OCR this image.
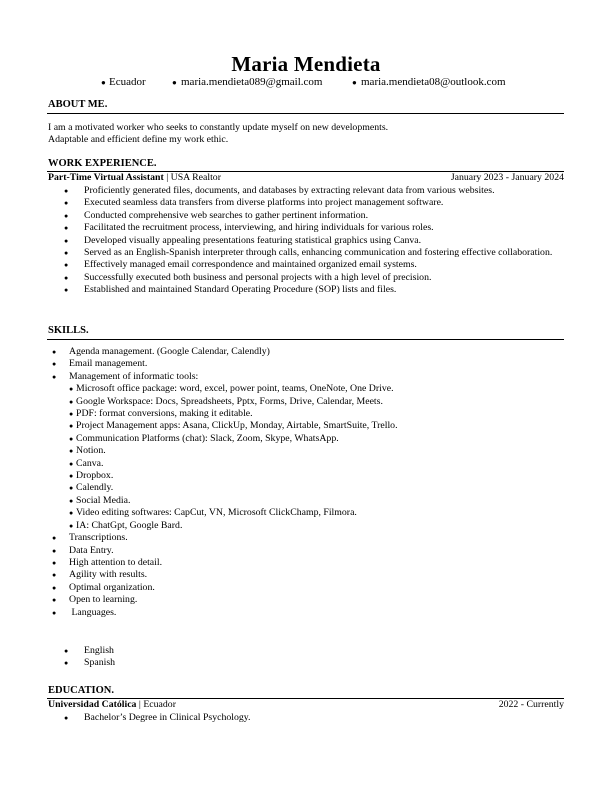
Maria Mendieta
● Ecuador	● maria.mendieta089@gmail.com	● maria.mendieta08@outlook.com
ABOUT ME.
I am a motivated worker who seeks to constantly update myself on new developments.
Adaptable and efficient define my work ethic.
WORK EXPERIENCE.
Part-Time Virtual Assistant | USA Realtor	January 2023 - January 2024
● Proficiently generated files, documents, and databases by extracting relevant data from various websites.
● Executed seamless data transfers from diverse platforms into project management software.
● Conducted comprehensive web searches to gather pertinent information.
● Facilitated the recruitment process, interviewing, and hiring individuals for various roles.
● Developed visually appealing presentations featuring statistical graphics using Canva.
● Served as an English-Spanish interpreter through calls, enhancing communication and fostering effective collaboration.
● Effectively managed email correspondence and maintained organized email systems.
● Successfully executed both business and personal projects with a high level of precision.
● Established and maintained Standard Operating Procedure (SOP) lists and files.
SKILLS.
● Agenda management. (Google Calendar, Calendly)
● Email management.
● Management of informatic tools:
● Microsoft office package: word, excel, power point, teams, OneNote, One Drive.
● Google Workspace: Docs, Spreadsheets, Pptx, Forms, Drive, Calendar, Meets.
● PDF: format conversions, making it editable.
● Project Management apps: Asana, ClickUp, Monday, Airtable, SmartSuite, Trello.
● Communication Platforms (chat): Slack, Zoom, Skype, WhatsApp.
● Notion.
● Canva.
● Dropbox.
● Calendly.
● Social Media.
● Video editing softwares: CapCut, VN, Microsoft ClickChamp, Filmora.
● IA: ChatGpt, Google Bard.
● Transcriptions.
● Data Entry.
● High attention to detail.
● Agility with results.
● Optimal organization.
● Open to learning.
● Languages.
● English
● Spanish
EDUCATION.
Universidad Católica | Ecuador	2022 - Currently
● Bachelor’s Degree in Clinical Psychology.
